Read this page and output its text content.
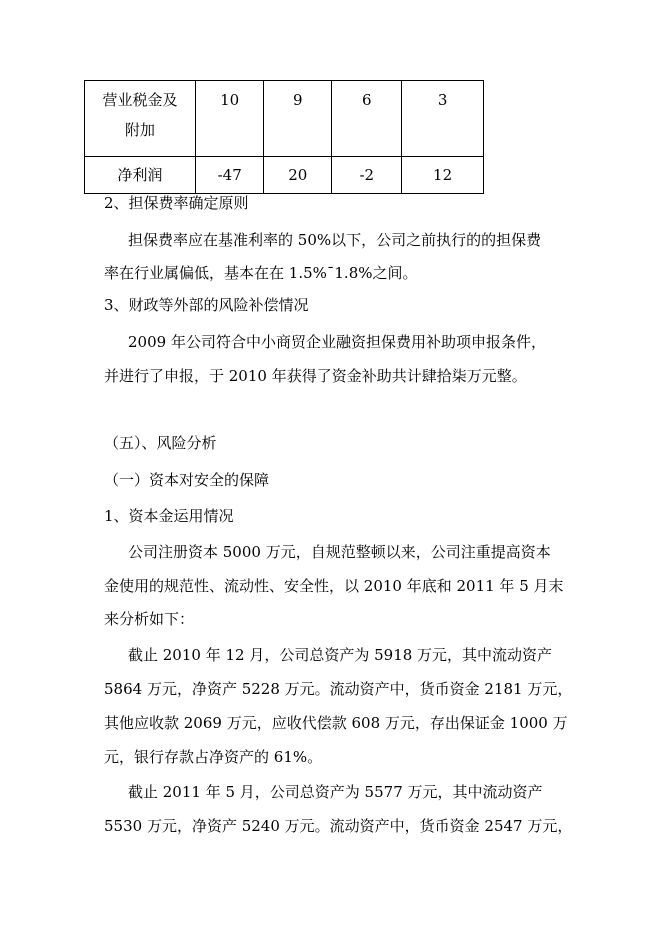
营业税金及
附加	10	9	6	3
净利润	-47	20	-2	12
2、担保费率确定原则
担保费率应在基准利率的 50%以下，公司之前执行的的担保费
率在行业属偏低，基本在在 1.5%¯1.8%之间。
3、财政等外部的风险补偿情况
2009 年公司符合中小商贸企业融资担保费用补助项申报条件，
并进行了申报，于 2010 年获得了资金补助共计肆拾柒万元整。
（五）、风险分析
（一）资本对安全的保障
1、资本金运用情况
公司注册资本 5000 万元，自规范整顿以来，公司注重提高资本
金使用的规范性、流动性、安全性，以 2010 年底和 2011 年 5 月末
来分析如下：
截止 2010 年 12 月，公司总资产为 5918 万元，其中流动资产
5864 万元，净资产 5228 万元。流动资产中，货币资金 2181 万元，
其他应收款 2069 万元，应收代偿款 608 万元，存出保证金 1000 万
元，银行存款占净资产的 61%。
截止 2011 年 5 月，公司总资产为 5577 万元，其中流动资产
5530 万元，净资产 5240 万元。流动资产中，货币资金 2547 万元，
